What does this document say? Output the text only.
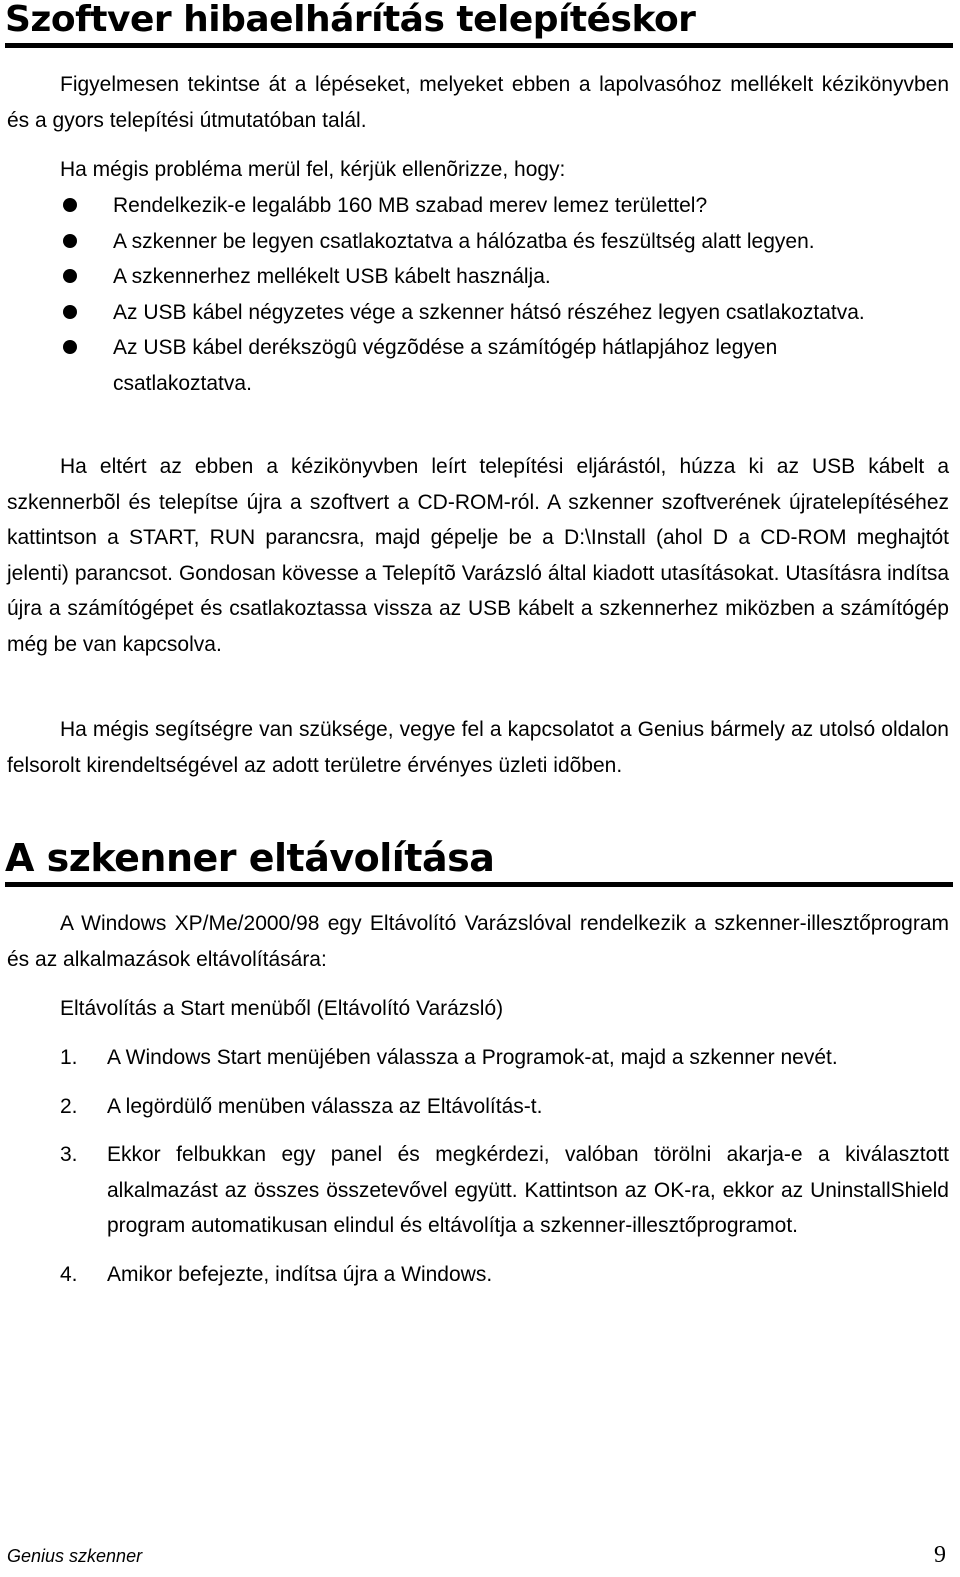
Szoftver hibaelhárítás telepítéskor

Figyelmesen tekintse át a lépéseket, melyeket ebben a lapolvasóhoz mellékelt kézikönyvben és a gyors telepítési útmutatóban talál.

Ha mégis probléma merül fel, kérjük ellenõrizze, hogy:

Rendelkezik-e legalább 160 MB szabad merev lemez területtel?
A szkenner be legyen csatlakoztatva a hálózatba és feszültség alatt legyen.
A szkennerhez mellékelt USB kábelt használja.
Az USB kábel négyzetes vége a szkenner hátsó részéhez legyen csatlakoztatva.
Az USB kábel derékszögû végzõdése a számítógép hátlapjához legyen csatlakoztatva.

Ha eltért az ebben a kézikönyvben leírt telepítési eljárástól, húzza ki az USB kábelt a szkennerbõl és telepítse újra a szoftvert a CD-ROM-ról. A szkenner szoftverének újratelepítéséhez kattintson a START, RUN parancsra, majd gépelje be a D:\Install (ahol D a CD-ROM meghajtót jelenti) parancsot. Gondosan kövesse a Telepítõ Varázsló által kiadott utasításokat. Utasításra indítsa újra a számítógépet és csatlakoztassa vissza az USB kábelt a szkennerhez miközben a számítógép még be van kapcsolva.

Ha mégis segítségre van szüksége, vegye fel a kapcsolatot a Genius bármely az utolsó oldalon felsorolt kirendeltségével az adott területre érvényes üzleti idõben.

A szkenner eltávolítása

A Windows XP/Me/2000/98 egy Eltávolító Varázslóval rendelkezik a szkenner-illesztőprogram és az alkalmazások eltávolítására:

Eltávolítás a Start menüből (Eltávolító Varázsló)

1. A Windows Start menüjében válassza a Programok-at, majd a szkenner nevét.
2. A legördülő menüben válassza az Eltávolítás-t.
3. Ekkor felbukkan egy panel és megkérdezi, valóban törölni akarja-e a kiválasztott alkalmazást az összes összetevővel együtt. Kattintson az OK-ra, ekkor az UninstallShield program automatikusan elindul és eltávolítja a szkenner-illesztőprogramot.
4. Amikor befejezte, indítsa újra a Windows.
Genius szkenner	9
